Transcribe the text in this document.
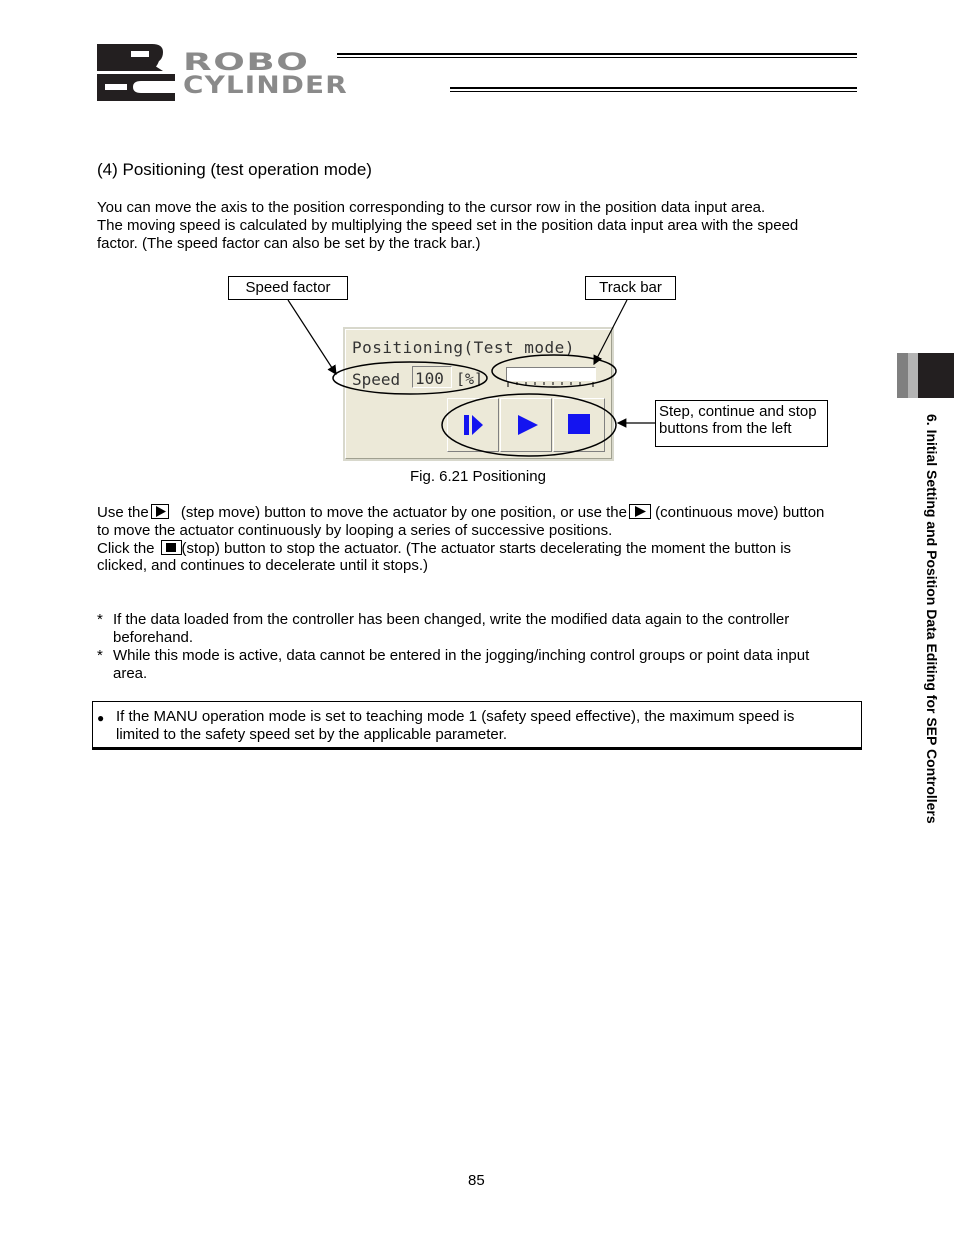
ROBO
CYLINDER
(4) Positioning (test operation mode)
You can move the axis to the position corresponding to the cursor row in the position data input area.
The moving speed is calculated by multiplying the speed set in the position data input area with the speed
factor. (The speed factor can also be set by the track bar.)
Speed factor	Track bar
Step, continue and stop
buttons from the left
Positioning(Test mode)
Speed 100 [%]
Fig. 6.21 Positioning
Use the
(step move) button to move the actuator by one position, or use the
(continuous move) button
to move the actuator continuously by looping a series of successive positions.
Click the (stop) button to stop the actuator. (The actuator starts decelerating the moment the button is
clicked, and continues to decelerate until it stops.)
* If the data loaded from the controller has been changed, write the modified data again to the controller
beforehand.
* While this mode is active, data cannot be entered in the jogging/inching control groups or point data input
area.
● If the MANU operation mode is set to teaching mode 1 (safety speed effective), the maximum speed is
limited to the safety speed set by the applicable parameter.	6. Initial Setting and Position Data Editing for SEP Controllers
85
